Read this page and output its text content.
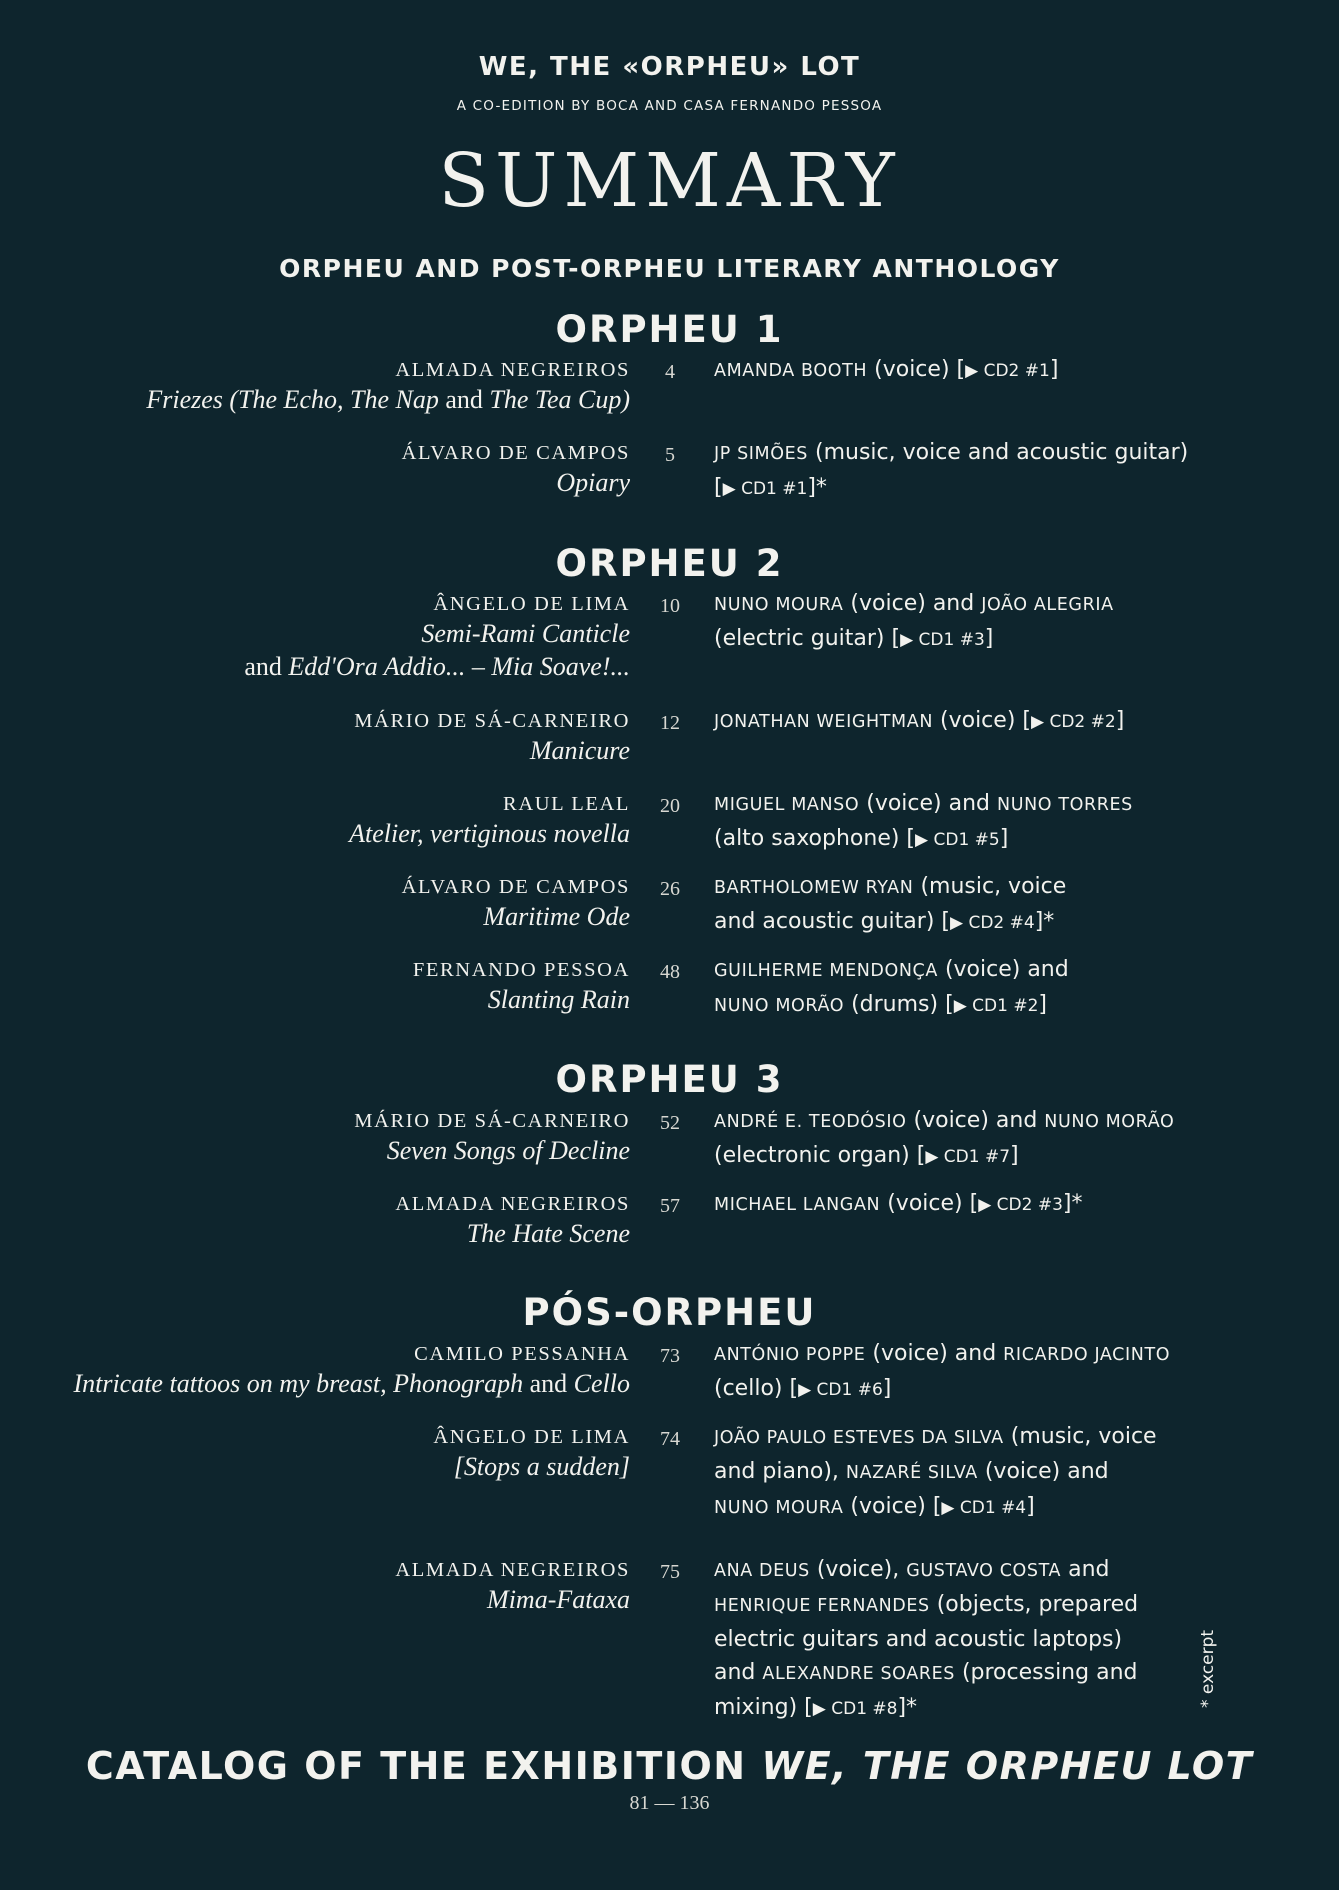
WE, THE «ORPHEU» LOT
A CO-EDITION BY BOCA AND CASA FERNANDO PESSOA
SUMMARY
ORPHEU AND POST-ORPHEU LITERARY ANTHOLOGY
ORPHEU 1
ALMADA NEGREIROS
Friezes (The Echo, The Nap and The Tea Cup)
4	AMANDA BOOTH (voice) [▶ CD2 #1]
ÁLVARO DE CAMPOS
Opiary
5	JP SIMÕES (music, voice and acoustic guitar)
[▶ CD1 #1]*
ORPHEU 2
ÂNGELO DE LIMA
Semi-Rami Canticle
and Edd'Ora Addio... – Mia Soave!...
10	NUNO MOURA (voice) and JOÃO ALEGRIA
(electric guitar) [▶ CD1 #3]
MÁRIO DE SÁ-CARNEIRO
Manicure
12	JONATHAN WEIGHTMAN (voice) [▶ CD2 #2]
RAUL LEAL
Atelier, vertiginous novella
20	MIGUEL MANSO (voice) and NUNO TORRES
(alto saxophone) [▶ CD1 #5]
ÁLVARO DE CAMPOS
Maritime Ode
26	BARTHOLOMEW RYAN (music, voice
and acoustic guitar) [▶ CD2 #4]*
FERNANDO PESSOA
Slanting Rain
48	GUILHERME MENDONÇA (voice) and
NUNO MORÃO (drums) [▶ CD1 #2]
ORPHEU 3
MÁRIO DE SÁ-CARNEIRO
Seven Songs of Decline
52	ANDRÉ E. TEODÓSIO (voice) and NUNO MORÃO
(electronic organ) [▶ CD1 #7]
ALMADA NEGREIROS
The Hate Scene
57	MICHAEL LANGAN (voice) [▶ CD2 #3]*
PÓS-ORPHEU
CAMILO PESSANHA
Intricate tattoos on my breast, Phonograph and Cello
73	ANTÓNIO POPPE (voice) and RICARDO JACINTO
(cello) [▶ CD1 #6]
ÂNGELO DE LIMA
[Stops a sudden]
74	JOÃO PAULO ESTEVES DA SILVA (music, voice
and piano), NAZARÉ SILVA (voice) and
NUNO MOURA (voice) [▶ CD1 #4]
ALMADA NEGREIROS
Mima-Fataxa
75	ANA DEUS (voice), GUSTAVO COSTA and
HENRIQUE FERNANDES (objects, prepared
electric guitars and acoustic laptops)
and ALEXANDRE SOARES (processing and
mixing) [▶ CD1 #8]*	* excerpt
CATALOG OF THE EXHIBITION WE, THE ORPHEU LOT
81 — 136
